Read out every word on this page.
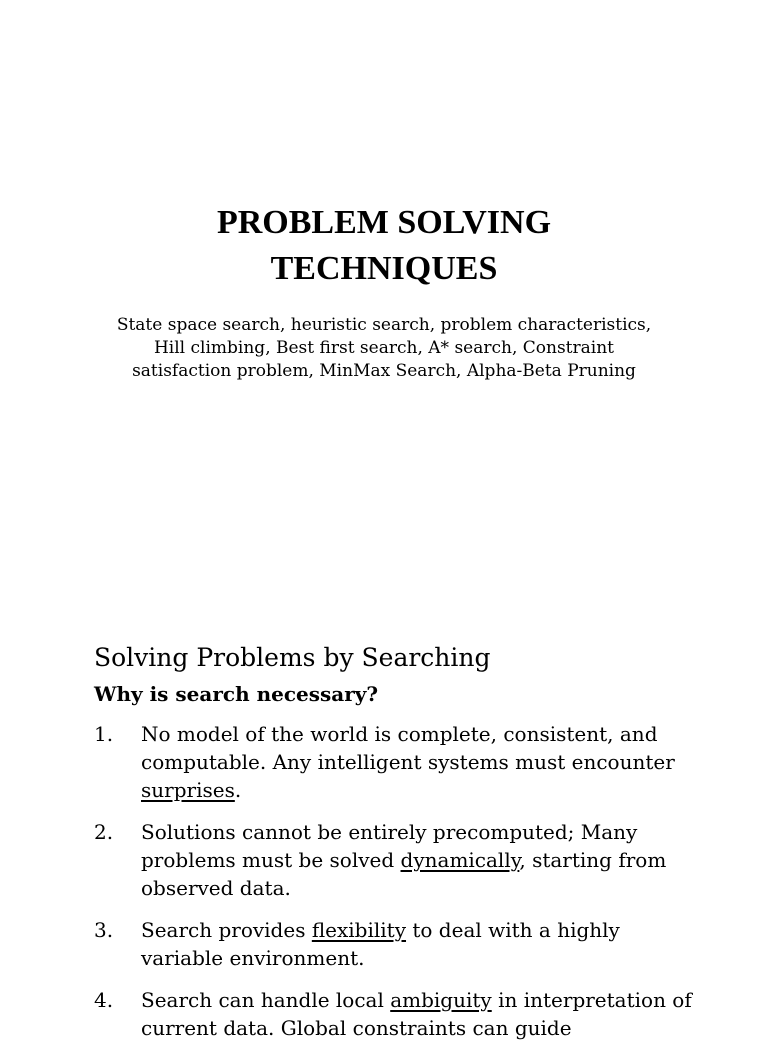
PROBLEM SOLVING
TECHNIQUES
State space search, heuristic search, problem characteristics,
Hill climbing, Best first search, A* search, Constraint
satisfaction problem, MinMax Search, Alpha-Beta Pruning
Solving Problems by Searching
Why is search necessary?
1. No model of the world is complete, consistent, and
computable. Any intelligent systems must encounter
surprises.
2. Solutions cannot be entirely precomputed; Many
problems must be solved dynamically, starting from
observed data.
3. Search provides flexibility to deal with a highly
variable environment.
4. Search can handle local ambiguity in interpretation of
current data. Global constraints can guide
